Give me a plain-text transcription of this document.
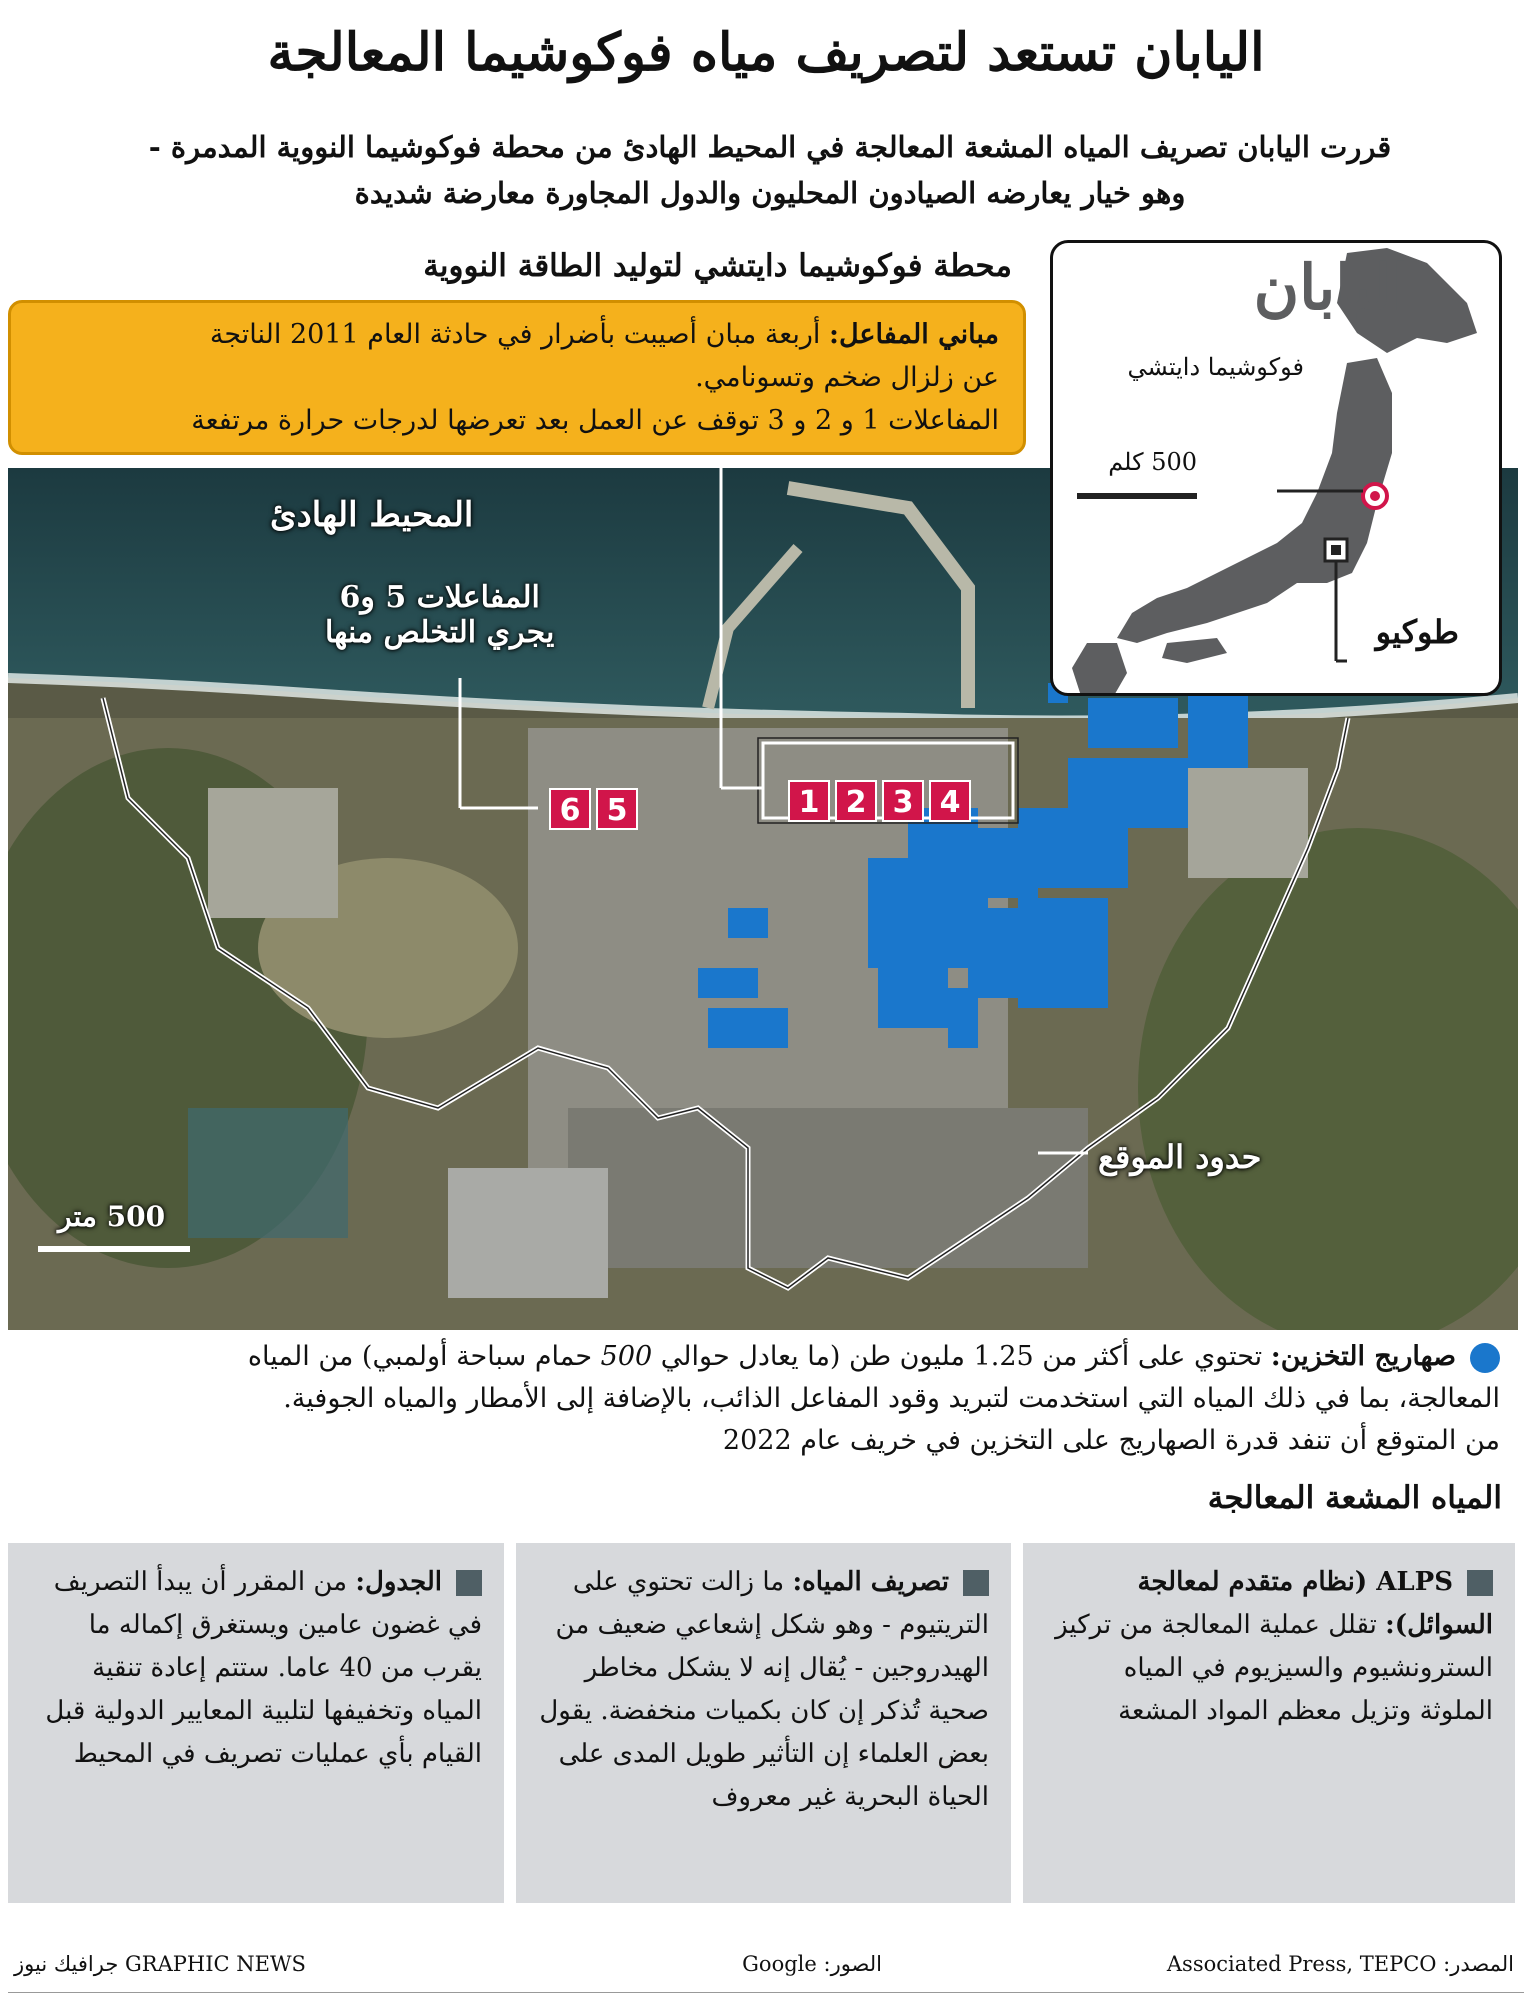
اليابان تستعد لتصريف مياه فوكوشيما المعالجة
قررت اليابان تصريف المياه المشعة المعالجة في المحيط الهادئ من محطة فوكوشيما النووية المدمرة -
وهو خيار يعارضه الصيادون المحليون والدول المجاورة معارضة شديدة
محطة فوكوشيما دايتشي لتوليد الطاقة النووية
المحيط الهادئ
المفاعلات 5 و6
يجري التخلص منها
حدود الموقع
500 متر
6 5	1 2 3 4
مباني المفاعل: أربعة مبان أصيبت بأضرار في حادثة العام 2011 الناتجة
عن زلزال ضخم وتسونامي.
المفاعلات 1 و 2 و 3 توقف عن العمل بعد تعرضها لدرجات حرارة مرتفعة
اليابان
فوكوشيما دايتشي
500 كلم
طوكيو
صهاريج التخزين: تحتوي على أكثر من 1.25 مليون طن (ما يعادل حوالي 500 حمام سباحة أولمبي) من المياه
المعالجة، بما في ذلك المياه التي استخدمت لتبريد وقود المفاعل الذائب، بالإضافة إلى الأمطار والمياه الجوفية.
من المتوقع أن تنفد قدرة الصهاريج على التخزين في خريف عام 2022
المياه المشعة المعالجة
ALPS (نظام متقدم لمعالجة السوائل): تقلل عملية المعالجة من تركيز السترونشيوم والسيزيوم في المياه الملوثة وتزيل معظم المواد المشعة
تصريف المياه: ما زالت تحتوي على التريتيوم - وهو شكل إشعاعي ضعيف من الهيدروجين - يُقال إنه لا يشكل مخاطر صحية تُذكر إن كان بكميات منخفضة. يقول بعض العلماء إن التأثير طويل المدى على الحياة البحرية غير معروف
الجدول: من المقرر أن يبدأ التصريف في غضون عامين ويستغرق إكماله ما يقرب من 40 عاما. ستتم إعادة تنقية المياه وتخفيفها لتلبية المعايير الدولية قبل القيام بأي عمليات تصريف في المحيط
المصدر: Associated Press, TEPCO
الصور: Google
GRAPHIC NEWS جرافيك نيوز
